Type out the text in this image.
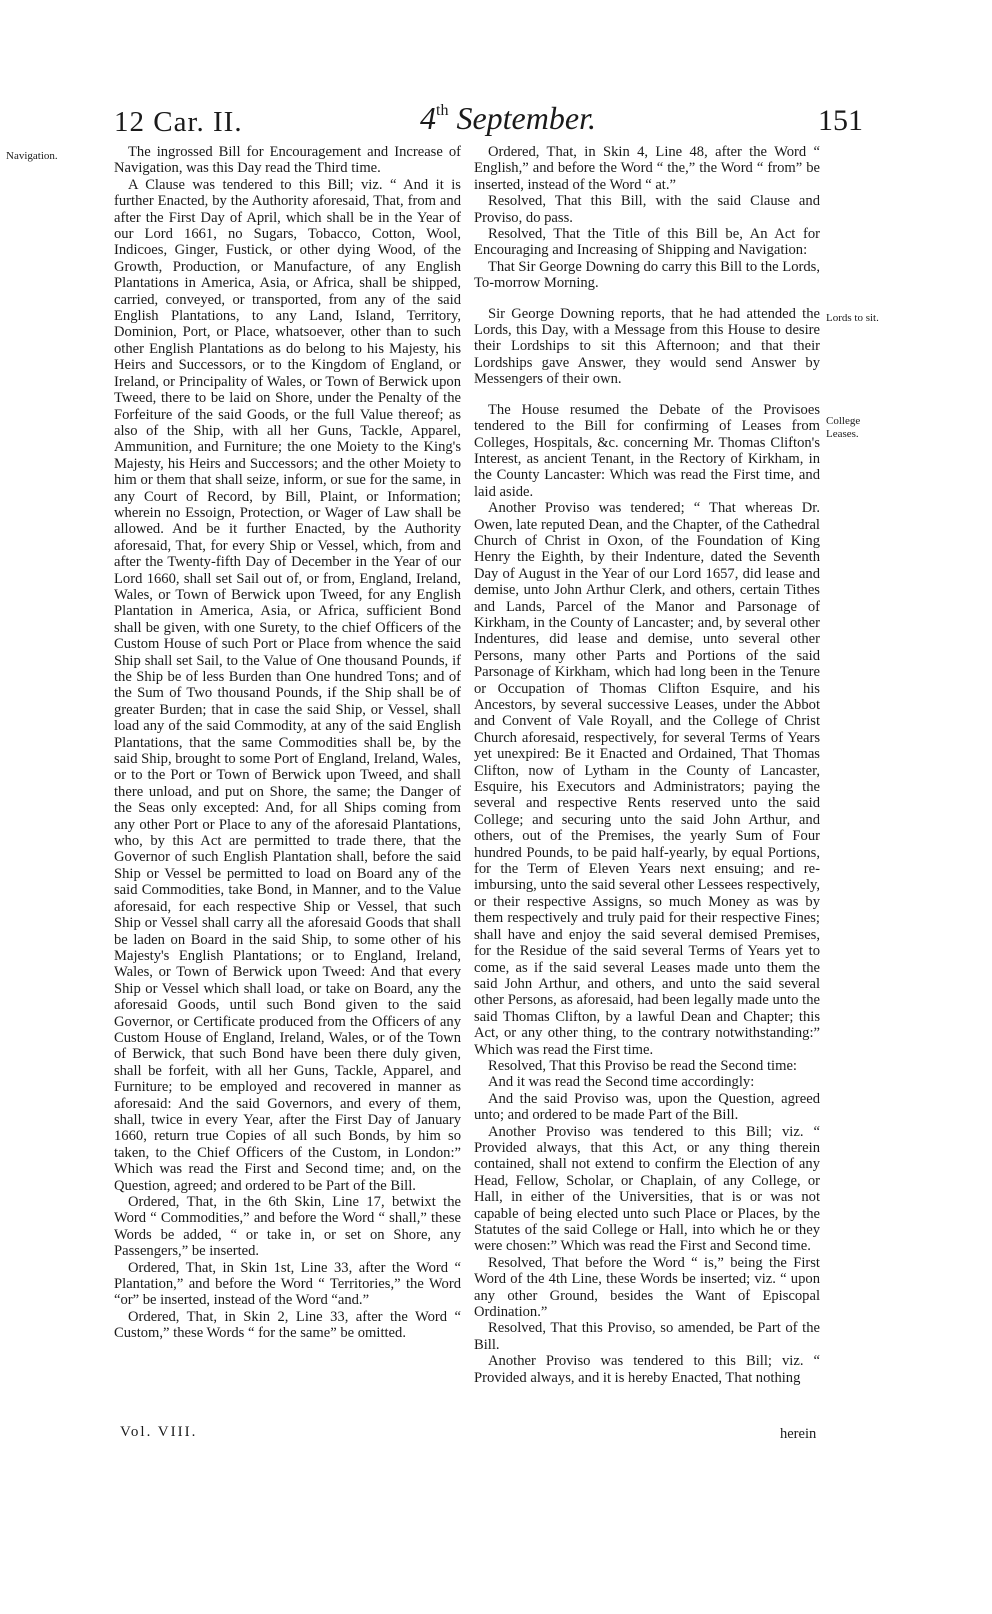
12 Car. II.	4th September.	151
Navigation.
Lords to sit.
College Leases.

The ingrossed Bill for Encouragement and Increase of Navigation, was this Day read the Third time.

A Clause was tendered to this Bill; viz. “ And it is further Enacted, by the Authority aforesaid, That, from and after the First Day of April, which shall be in the Year of our Lord 1661, no Sugars, Tobacco, Cotton, Wool, Indicoes, Ginger, Fustick, or other dying Wood, of the Growth, Production, or Manufacture, of any English Plantations in America, Asia, or Africa, shall be shipped, carried, conveyed, or transported, from any of the said English Plantations, to any Land, Island, Territory, Dominion, Port, or Place, whatsoever, other than to such other English Plantations as do belong to his Majesty, his Heirs and Successors, or to the Kingdom of England, or Ireland, or Principality of Wales, or Town of Berwick upon Tweed, there to be laid on Shore, under the Penalty of the Forfeiture of the said Goods, or the full Value thereof; as also of the Ship, with all her Guns, Tackle, Apparel, Ammunition, and Furniture; the one Moiety to the King's Majesty, his Heirs and Successors; and the other Moiety to him or them that shall seize, inform, or sue for the same, in any Court of Record, by Bill, Plaint, or Information; wherein no Essoign, Protection, or Wager of Law shall be allowed. And be it further Enacted, by the Authority aforesaid, That, for every Ship or Vessel, which, from and after the Twenty-fifth Day of December in the Year of our Lord 1660, shall set Sail out of, or from, England, Ireland, Wales, or Town of Berwick upon Tweed, for any English Plantation in America, Asia, or Africa, sufficient Bond shall be given, with one Surety, to the chief Officers of the Custom House of such Port or Place from whence the said Ship shall set Sail, to the Value of One thousand Pounds, if the Ship be of less Burden than One hundred Tons; and of the Sum of Two thousand Pounds, if the Ship shall be of greater Burden; that in case the said Ship, or Vessel, shall load any of the said Commodity, at any of the said English Plantations, that the same Commodities shall be, by the said Ship, brought to some Port of England, Ireland, Wales, or to the Port or Town of Berwick upon Tweed, and shall there unload, and put on Shore, the same; the Danger of the Seas only excepted: And, for all Ships coming from any other Port or Place to any of the aforesaid Plantations, who, by this Act are permitted to trade there, that the Governor of such English Plantation shall, before the said Ship or Vessel be permitted to load on Board any of the said Commodities, take Bond, in Manner, and to the Value aforesaid, for each respective Ship or Vessel, that such Ship or Vessel shall carry all the aforesaid Goods that shall be laden on Board in the said Ship, to some other of his Majesty's English Plantations; or to England, Ireland, Wales, or Town of Berwick upon Tweed: And that every Ship or Vessel which shall load, or take on Board, any the aforesaid Goods, until such Bond given to the said Governor, or Certificate produced from the Officers of any Custom House of England, Ireland, Wales, or of the Town of Berwick, that such Bond have been there duly given, shall be forfeit, with all her Guns, Tackle, Apparel, and Furniture; to be employed and recovered in manner as aforesaid: And the said Governors, and every of them, shall, twice in every Year, after the First Day of January 1660, return true Copies of all such Bonds, by him so taken, to the Chief Officers of the Custom, in London:” Which was read the First and Second time; and, on the Question, agreed; and ordered to be Part of the Bill.

Ordered, That, in the 6th Skin, Line 17, betwixt the Word “ Commodities,” and before the Word “ shall,” these Words be added, “ or take in, or set on Shore, any Passengers,” be inserted.

Ordered, That, in Skin 1st, Line 33, after the Word “ Plantation,” and before the Word “ Territories,” the Word “or” be inserted, instead of the Word “and.”

Ordered, That, in Skin 2, Line 33, after the Word “ Custom,” these Words “ for the same” be omitted.

Ordered, That, in Skin 4, Line 48, after the Word “ English,” and before the Word “ the,” the Word “ from” be inserted, instead of the Word “ at.”

Resolved, That this Bill, with the said Clause and Proviso, do pass.

Resolved, That the Title of this Bill be, An Act for Encouraging and Increasing of Shipping and Navigation:

That Sir George Downing do carry this Bill to the Lords, To-morrow Morning.

Sir George Downing reports, that he had attended the Lords, this Day, with a Message from this House to desire their Lordships to sit this Afternoon; and that their Lordships gave Answer, they would send Answer by Messengers of their own.

The House resumed the Debate of the Provisoes tendered to the Bill for confirming of Leases from Colleges, Hospitals, &c. concerning Mr. Thomas Clifton's Interest, as ancient Tenant, in the Rectory of Kirkham, in the County Lancaster: Which was read the First time, and laid aside.

Another Proviso was tendered; “ That whereas Dr. Owen, late reputed Dean, and the Chapter, of the Cathedral Church of Christ in Oxon, of the Foundation of King Henry the Eighth, by their Indenture, dated the Seventh Day of August in the Year of our Lord 1657, did lease and demise, unto John Arthur Clerk, and others, certain Tithes and Lands, Parcel of the Manor and Parsonage of Kirkham, in the County of Lancaster; and, by several other Indentures, did lease and demise, unto several other Persons, many other Parts and Portions of the said Parsonage of Kirkham, which had long been in the Tenure or Occupation of Thomas Clifton Esquire, and his Ancestors, by several successive Leases, under the Abbot and Convent of Vale Royall, and the College of Christ Church aforesaid, respectively, for several Terms of Years yet unexpired: Be it Enacted and Ordained, That Thomas Clifton, now of Lytham in the County of Lancaster, Esquire, his Executors and Administrators; paying the several and respective Rents reserved unto the said College; and securing unto the said John Arthur, and others, out of the Premises, the yearly Sum of Four hundred Pounds, to be paid half-yearly, by equal Portions, for the Term of Eleven Years next ensuing; and re-imbursing, unto the said several other Lessees respectively, or their respective Assigns, so much Money as was by them respectively and truly paid for their respective Fines; shall have and enjoy the said several demised Premises, for the Residue of the said several Terms of Years yet to come, as if the said several Leases made unto them the said John Arthur, and others, and unto the said several other Persons, as aforesaid, had been legally made unto the said Thomas Clifton, by a lawful Dean and Chapter; this Act, or any other thing, to the contrary notwithstanding:” Which was read the First time.

Resolved, That this Proviso be read the Second time:

And it was read the Second time accordingly:

And the said Proviso was, upon the Question, agreed unto; and ordered to be made Part of the Bill.

Another Proviso was tendered to this Bill; viz. “ Provided always, that this Act, or any thing therein contained, shall not extend to confirm the Election of any Head, Fellow, Scholar, or Chaplain, of any College, or Hall, in either of the Universities, that is or was not capable of being elected unto such Place or Places, by the Statutes of the said College or Hall, into which he or they were chosen:” Which was read the First and Second time.

Resolved, That before the Word “ is,” being the First Word of the 4th Line, these Words be inserted; viz. “ upon any other Ground, besides the Want of Episcopal Ordination.”

Resolved, That this Proviso, so amended, be Part of the Bill.

Another Proviso was tendered to this Bill; viz. “ Provided always, and it is hereby Enacted, That nothing

Vol. VIII.	herein
